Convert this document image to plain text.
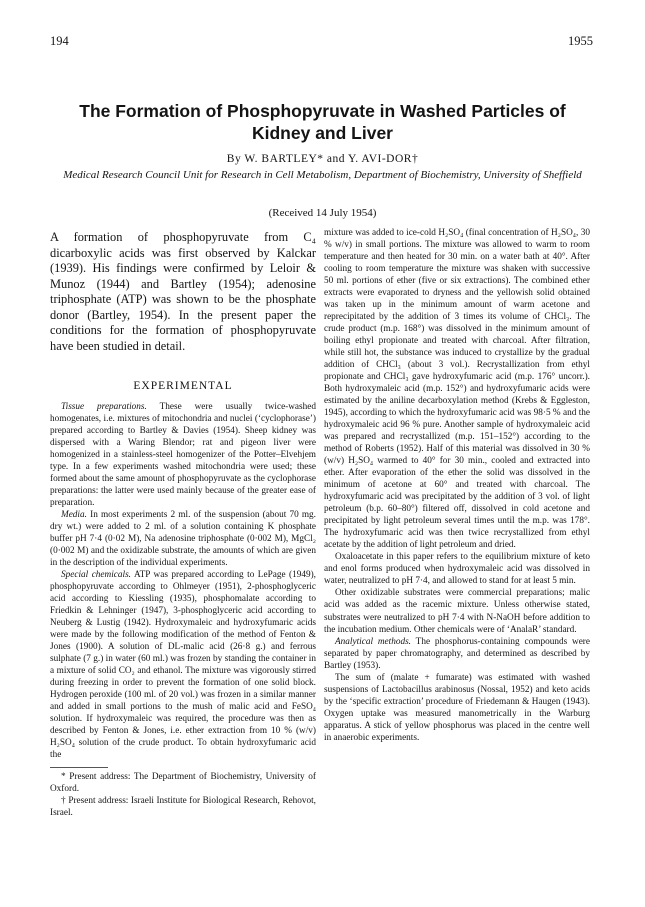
194	1955
The Formation of Phosphopyruvate in Washed Particles of Kidney and Liver
By W. BARTLEY* and Y. AVI-DOR†
Medical Research Council Unit for Research in Cell Metabolism, Department of Biochemistry, University of Sheffield
(Received 14 July 1954)

A formation of phosphopyruvate from C₄ dicarboxylic acids was first observed by Kalckar (1939). His findings were confirmed by Leloir & Munoz (1944) and Bartley (1954); adenosine triphosphate (ATP) was shown to be the phosphate donor (Bartley, 1954). In the present paper the conditions for the formation of phosphopyruvate have been studied in detail.

EXPERIMENTAL

Tissue preparations. These were usually twice-washed homogenates, i.e. mixtures of mitochondria and nuclei (‘cyclophorase’) prepared according to Bartley & Davies (1954). Sheep kidney was dispersed with a Waring Blendor; rat and pigeon liver were homogenized in a stainless-steel homogenizer of the Potter–Elvehjem type. In a few experiments washed mitochondria were used; these formed about the same amount of phosphopyruvate as the cyclophorase preparations: the latter were used mainly because of the greater ease of preparation.

Media. In most experiments 2 ml. of the suspension (about 70 mg. dry wt.) were added to 2 ml. of a solution containing K phosphate buffer pH 7·4 (0·02 M), Na adenosine triphosphate (0·002 M), MgCl₂ (0·002 M) and the oxidizable substrate, the amounts of which are given in the description of the individual experiments.

Special chemicals. ATP was prepared according to LePage (1949), phosphopyruvate according to Ohlmeyer (1951), 2-phosphoglyceric acid according to Kiessling (1935), phosphomalate according to Friedkin & Lehninger (1947), 3-phosphoglyceric acid according to Neuberg & Lustig (1942). Hydroxymaleic and hydroxyfumaric acids were made by the following modification of the method of Fenton & Jones (1900). A solution of DL-malic acid (26·8 g.) and ferrous sulphate (7 g.) in water (60 ml.) was frozen by standing the container in a mixture of solid CO₂ and ethanol. The mixture was vigorously stirred during freezing in order to prevent the formation of one solid block. Hydrogen peroxide (100 ml. of 20 vol.) was frozen in a similar manner and added in small portions to the mush of malic acid and FeSO₄ solution. If hydroxymaleic was required, the procedure was then as described by Fenton & Jones, i.e. ether extraction from 10 % (w/v) H₂SO₄ solution of the crude product. To obtain hydroxyfumaric acid the

* Present address: The Department of Biochemistry, University of Oxford.

† Present address: Israeli Institute for Biological Research, Rehovot, Israel.

mixture was added to ice-cold H₂SO₄ (final concentration of H₂SO₄, 30 % w/v) in small portions. The mixture was allowed to warm to room temperature and then heated for 30 min. on a water bath at 40°. After cooling to room temperature the mixture was shaken with successive 50 ml. portions of ether (five or six extractions). The combined ether extracts were evaporated to dryness and the yellowish solid obtained was taken up in the minimum amount of warm acetone and reprecipitated by the addition of 3 times its volume of CHCl₃. The crude product (m.p. 168°) was dissolved in the minimum amount of boiling ethyl propionate and treated with charcoal. After filtration, while still hot, the substance was induced to crystallize by the gradual addition of CHCl₃ (about 3 vol.). Recrystallization from ethyl propionate and CHCl₃ gave hydroxyfumaric acid (m.p. 176° uncorr.). Both hydroxymaleic acid (m.p. 152°) and hydroxyfumaric acids were estimated by the aniline decarboxylation method (Krebs & Eggleston, 1945), according to which the hydroxyfumaric acid was 98·5 % and the hydroxymaleic acid 96 % pure. Another sample of hydroxymaleic acid was prepared and recrystallized (m.p. 151–152°) according to the method of Roberts (1952). Half of this material was dissolved in 30 % (w/v) H₂SO₄ warmed to 40° for 30 min., cooled and extracted into ether. After evaporation of the ether the solid was dissolved in the minimum of acetone at 60° and treated with charcoal. The hydroxyfumaric acid was precipitated by the addition of 3 vol. of light petroleum (b.p. 60–80°) filtered off, dissolved in cold acetone and precipitated by light petroleum several times until the m.p. was 178°. The hydroxyfumaric acid was then twice recrystallized from ethyl acetate by the addition of light petroleum and dried.

Oxaloacetate in this paper refers to the equilibrium mixture of keto and enol forms produced when hydroxymaleic acid was dissolved in water, neutralized to pH 7·4, and allowed to stand for at least 5 min.

Other oxidizable substrates were commercial preparations; malic acid was added as the racemic mixture. Unless otherwise stated, substrates were neutralized to pH 7·4 with N-NaOH before addition to the incubation medium. Other chemicals were of ‘AnalaR’ standard.

Analytical methods. The phosphorus-containing compounds were separated by paper chromatography, and determined as described by Bartley (1953).

The sum of (malate + fumarate) was estimated with washed suspensions of Lactobacillus arabinosus (Nossal, 1952) and keto acids by the ‘specific extraction’ procedure of Friedemann & Haugen (1943). Oxygen uptake was measured manometrically in the Warburg apparatus. A stick of yellow phosphorus was placed in the centre well in anaerobic experiments.
